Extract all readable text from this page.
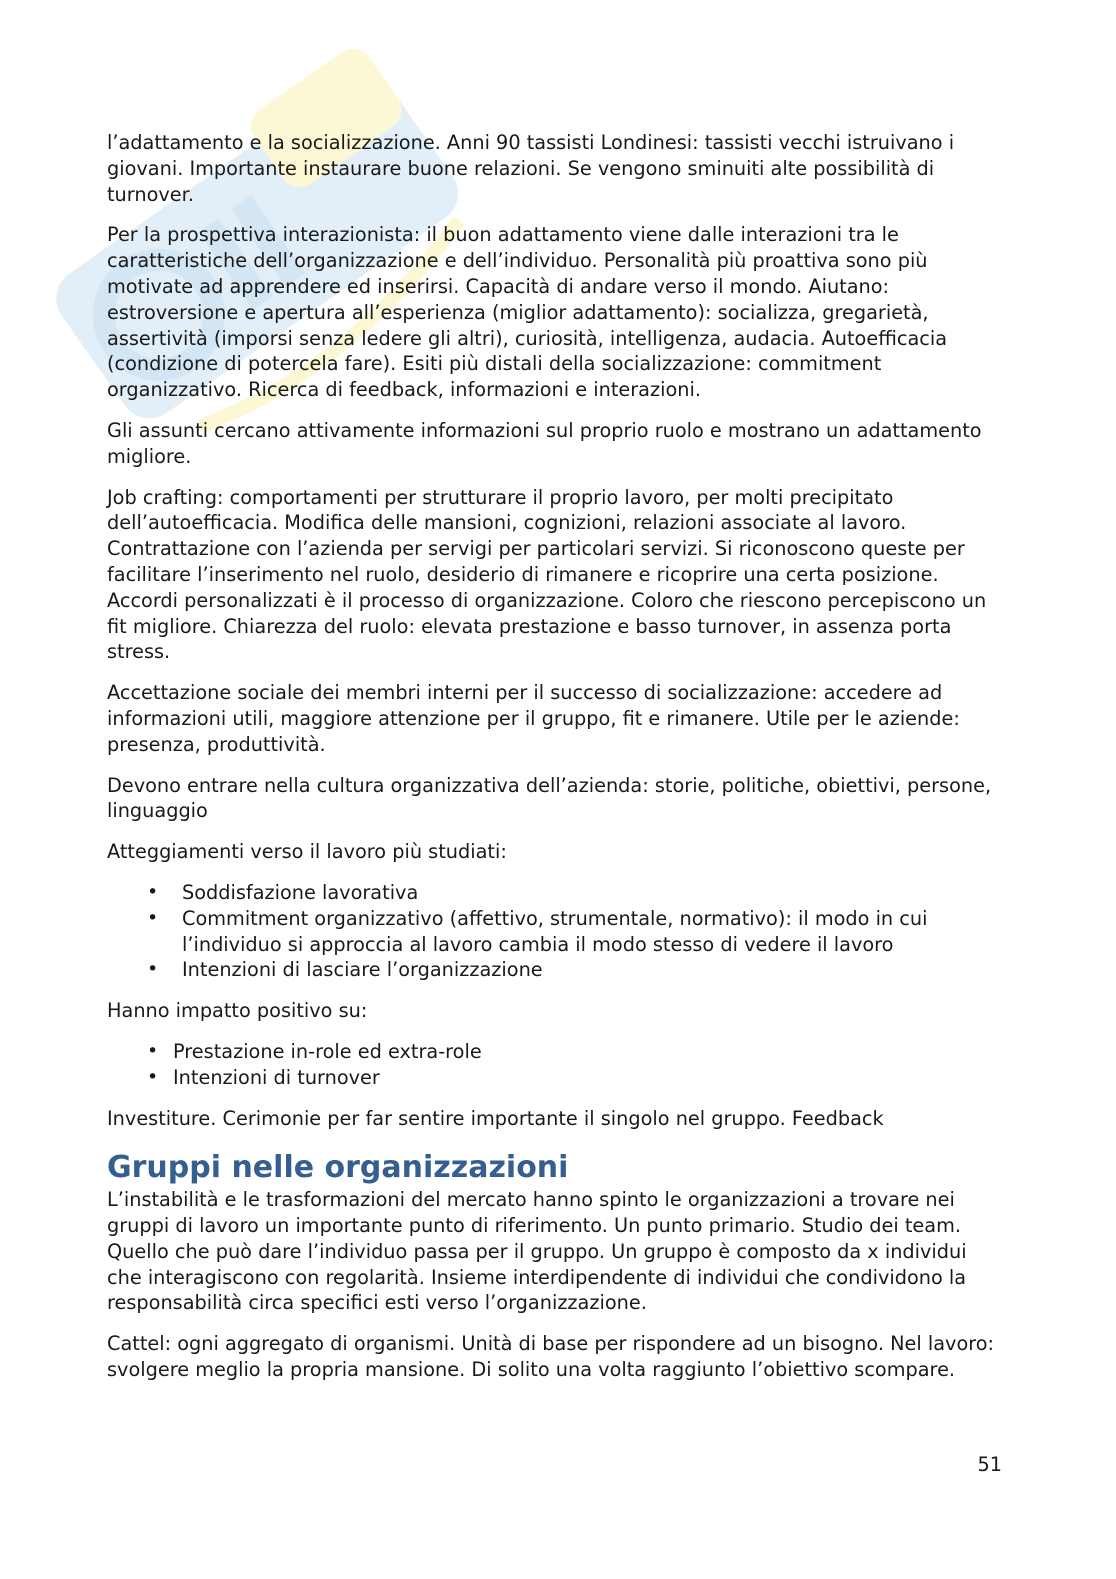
l’adattamento e la socializzazione. Anni 90 tassisti Londinesi: tassisti vecchi istruivano i giovani. Importante instaurare buone relazioni. Se vengono sminuiti alte possibilità di turnover.

Per la prospettiva interazionista: il buon adattamento viene dalle interazioni tra le caratteristiche dell’organizzazione e dell’individuo. Personalità più proattiva sono più motivate ad apprendere ed inserirsi. Capacità di andare verso il mondo. Aiutano: estroversione e apertura all’esperienza (miglior adattamento): socializza, gregarietà, assertività (imporsi senza ledere gli altri), curiosità, intelligenza, audacia. Autoefficacia (condizione di potercela fare). Esiti più distali della socializzazione: commitment organizzativo. Ricerca di feedback, informazioni e interazioni.

Gli assunti cercano attivamente informazioni sul proprio ruolo e mostrano un adattamento migliore.

Job crafting: comportamenti per strutturare il proprio lavoro, per molti precipitato dell’autoefficacia. Modifica delle mansioni, cognizioni, relazioni associate al lavoro. Contrattazione con l’azienda per servigi per particolari servizi. Si riconoscono queste per facilitare l’inserimento nel ruolo, desiderio di rimanere e ricoprire una certa posizione. Accordi personalizzati è il processo di organizzazione. Coloro che riescono percepiscono un fit migliore. Chiarezza del ruolo: elevata prestazione e basso turnover, in assenza porta stress.

Accettazione sociale dei membri interni per il successo di socializzazione: accedere ad informazioni utili, maggiore attenzione per il gruppo, fit e rimanere. Utile per le aziende: presenza, produttività.

Devono entrare nella cultura organizzativa dell’azienda: storie, politiche, obiettivi, persone, linguaggio

Atteggiamenti verso il lavoro più studiati:

• Soddisfazione lavorativa
• Commitment organizzativo (affettivo, strumentale, normativo): il modo in cui l’individuo si approccia al lavoro cambia il modo stesso di vedere il lavoro
• Intenzioni di lasciare l’organizzazione

Hanno impatto positivo su:

• Prestazione in-role ed extra-role
• Intenzioni di turnover

Investiture. Cerimonie per far sentire importante il singolo nel gruppo. Feedback

Gruppi nelle organizzazioni

L’instabilità e le trasformazioni del mercato hanno spinto le organizzazioni a trovare nei gruppi di lavoro un importante punto di riferimento. Un punto primario. Studio dei team. Quello che può dare l’individuo passa per il gruppo. Un gruppo è composto da x individui che interagiscono con regolarità. Insieme interdipendente di individui che condividono la responsabilità circa specifici esti verso l’organizzazione.

Cattel: ogni aggregato di organismi. Unità di base per rispondere ad un bisogno. Nel lavoro: svolgere meglio la propria mansione. Di solito una volta raggiunto l’obiettivo scompare.

51
